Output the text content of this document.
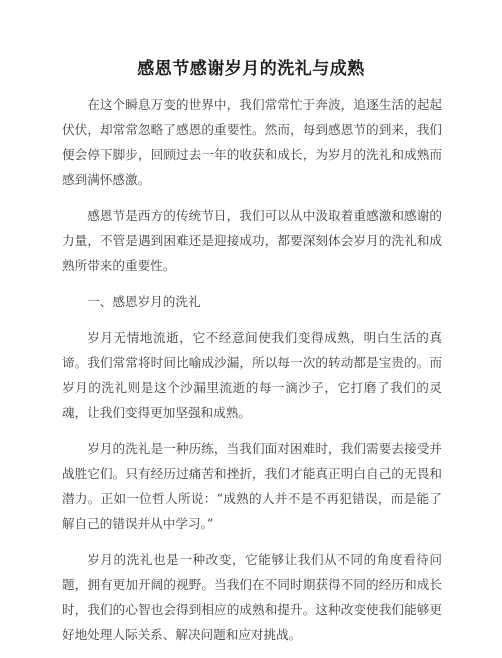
感恩节感谢岁月的洗礼与成熟

在这个瞬息万变的世界中，我们常常忙于奔波，追逐生活的起起伏伏，却常常忽略了感恩的重要性。然而，每到感恩节的到来，我们便会停下脚步，回顾过去一年的收获和成长，为岁月的洗礼和成熟而感到满怀感激。

感恩节是西方的传统节日，我们可以从中汲取着重感激和感谢的力量，不管是遇到困难还是迎接成功，都要深刻体会岁月的洗礼和成熟所带来的重要性。

一、感恩岁月的洗礼

岁月无情地流逝，它不经意间使我们变得成熟，明白生活的真谛。我们常常将时间比喻成沙漏，所以每一次的转动都是宝贵的。而岁月的洗礼则是这个沙漏里流逝的每一滴沙子，它打磨了我们的灵魂，让我们变得更加坚强和成熟。

岁月的洗礼是一种历练，当我们面对困难时，我们需要去接受并战胜它们。只有经历过痛苦和挫折，我们才能真正明白自己的无畏和潜力。正如一位哲人所说：“成熟的人并不是不再犯错误，而是能了解自己的错误并从中学习。”

岁月的洗礼也是一种改变，它能够让我们从不同的角度看待问题，拥有更加开阔的视野。当我们在不同时期获得不同的经历和成长时，我们的心智也会得到相应的成熟和提升。这种改变使我们能够更好地处理人际关系、解决问题和应对挑战。
